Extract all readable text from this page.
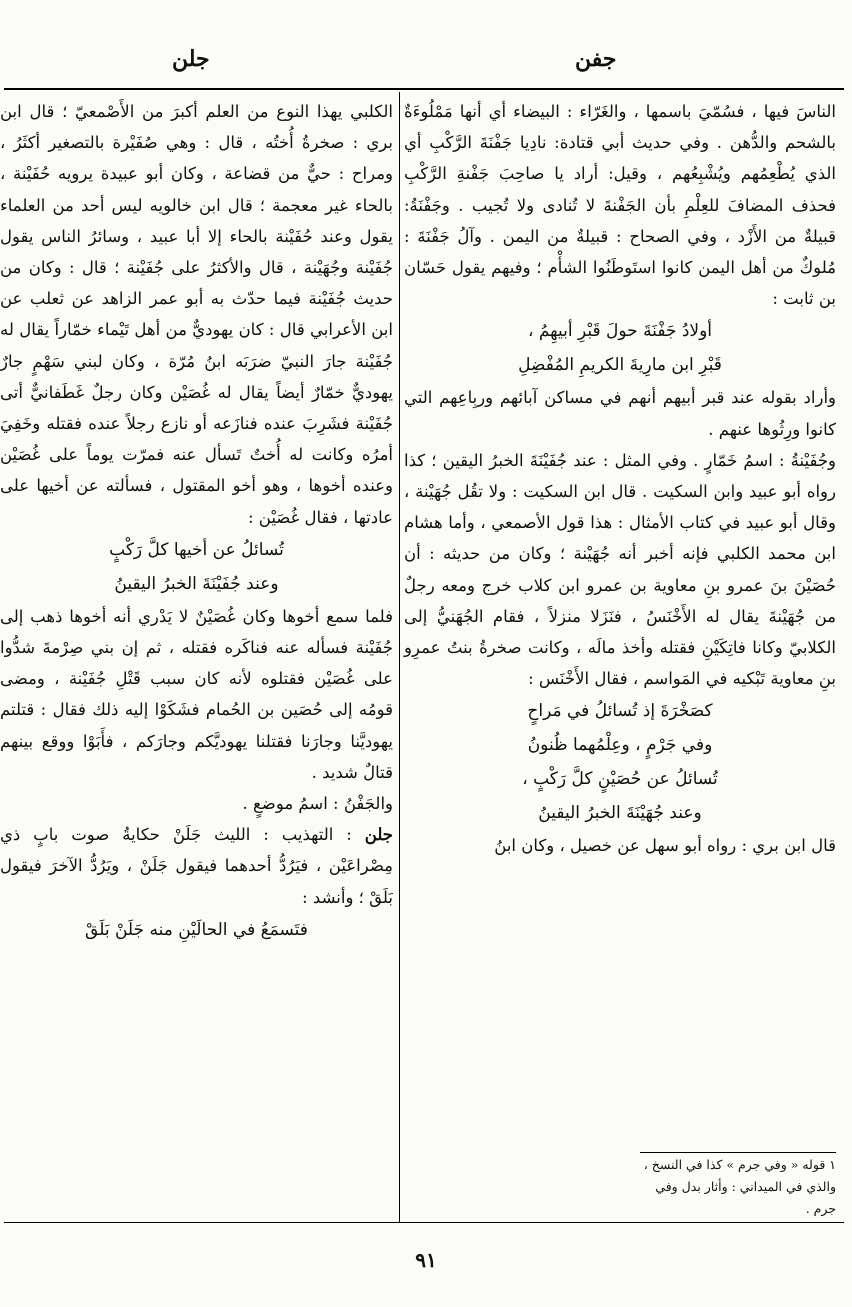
جفن
جلن

الناسَ فيها ، فسُمّيَ باسمها ، والغَرّاء : البيضاء أي أنها مَمْلُوءَةٌ بالشحم والدُّهن . وفي حديث أبي قتادة: نادِيا جَفْنَةَ الرَّكْبِ أي الذي يُطْعِمُهم ويُشْبِعُهم ، وقيل: أراد يا صاحِبَ جَفْنةِ الرَّكْبِ فحذف المضافَ للعِلْمِ بأن الجَفْنةَ لا تُنادى ولا تُجيب . وجَفْنَةُ: قبيلةٌ من الأَزْد ، وفي الصحاح : قبيلةٌ من اليمن . وآلُ جَفْنَةَ : مُلوكٌ من أهل اليمن كانوا استَوطَنُوا الشأْم ؛ وفيهم يقول حَسّان بن ثابت :

أولادُ جَفْنَةَ حولَ قَبْرِ أبيهِمُ ،

قَبْرِ ابن مارِيةَ الكريمِ المُفْضِلِ

وأراد بقوله عند قبر أبيهم أنهم في مساكن آبائهم وربِاعِهم التي كانوا ورِثُوها عنهم .

وجُفَيْنةُ : اسمُ خَمّارٍ . وفي المثل : عند جُفَيْنَةَ الخبرُ اليقين ؛ كذا رواه أبو عبيد وابن السكيت . قال ابن السكيت : ولا تقُل جُهَيْنة ، وقال أبو عبيد في كتاب الأمثال : هذا قول الأصمعي ، وأما هشام ابن محمد الكلبي فإنه أخبر أنه جُهَيْنة ؛ وكان من حديثه : أن حُصَيْنَ بنَ عمرو بنِ معاوية بن عمرو ابن كلاب خرج ومعه رجلٌ من جُهَيْنةَ يقال له الأَخْنَسُ ، فنَزَلا منزلاً ، فقام الجُهَنيُّ إلى الكلابيّ وكانا فاتِكَيْنِ فقتله وأخذ مالَه ، وكانت صخرةُ بنتُ عمرِو بنِ معاوية تَبْكيه في المَواسم ، فقال الأَخْنَس :

كصَخْرَةَ إذ تُسائلُ في مَراحٍ

وفي جَرْمٍ ، وعِلْمُهما ظُنونُ

تُسائلُ عن حُصَيْنٍ كلَّ رَكْبٍ ،

وعند جُهَيْنَةَ الخبرُ اليقينُ

قال ابن بري : رواه أبو سهل عن خصيل ، وكان ابنُ

١ قوله « وفي جرم » كذا في النسخ ، والذي في الميداني : وأثار بدل وفي جرم .

الكلبي يهذا النوع من العلم أكبرَ من الأَصْمعيّ ؛ قال ابن بري : صخرةُ أُختُه ، قال : وهي صُفَيْرة بالتصغير أكثَرُ ، ومراح : حيٌّ من قضاعة ، وكان أبو عبيدة يرويه حُفَيْنة ، بالحاء غير معجمة ؛ قال ابن خالويه ليس أحد من العلماء يقول وعند حُفَيْنة بالحاء إلا أبا عبيد ، وسائرُ الناس يقول جُفَيْنة وجُهَيْنة ، قال والأكثرُ على جُفَيْنة ؛ قال : وكان من حديث جُفَيْنة فيما حدّث به أبو عمر الزاهد عن ثعلب عن ابن الأعرابي قال : كان يهوديٌّ من أهل تَيْماء خمّاراً يقال له جُفَيْنة جارَ النبيّ ضرَبَه ابنُ مُرّة ، وكان لبني سَهْمٍ جارٌ يهوديٌّ خمّارٌ أيضاً يقال له غُصَيْن وكان رجلٌ غَطَفانيٌّ أتى جُفَيْنة فشَرِبَ عنده فنازَعه أو نازع رجلاً عنده فقتله وخَفِيَ أمرُه وكانت له أُختٌ تَسأل عنه فمرّت يوماً على غُصَيْن وعنده أخوها ، وهو أخو المقتول ، فسألته عن أخيها على عادتها ، فقال غُصَيْن :

تُسائلُ عن أخيها كلَّ رَكْبٍ

وعند جُفَيْنَةَ الخبرُ اليقينُ

فلما سمع أخوها وكان غُصَيْنٌ لا يَدْري أنه أخوها ذهب إلى جُفَيْنة فسأله عنه فناكَره فقتله ، ثم إن بني صِرْمةَ شدُّوا على غُصَيْن فقتلوه لأنه كان سبب قَتْلِ جُفَيْنة ، ومضى قومُه إلى حُصَين بن الحُمام فشَكَوْا إليه ذلك فقال : قتلتم يهوديَّنا وجارَنا فقتلنا يهوديَّكم وجارَكم ، فأَبَوْا ووقع بينهم قتالٌ شديد .

والجَفْنُ : اسمُ موضعٍ .

جلن : التهذيب : الليث جَلَنْ حكايةُ صوت بابٍ ذي مِصْراعَيْن ، فيَرُدُّ أحدهما فيقول جَلَنْ ، ويَرُدُّ الآخرَ فيقول بَلَقْ ؛ وأنشد :

فتَسمَعُ في الحالَيْنِ منه جَلَنْ بَلَقْ

٩١
